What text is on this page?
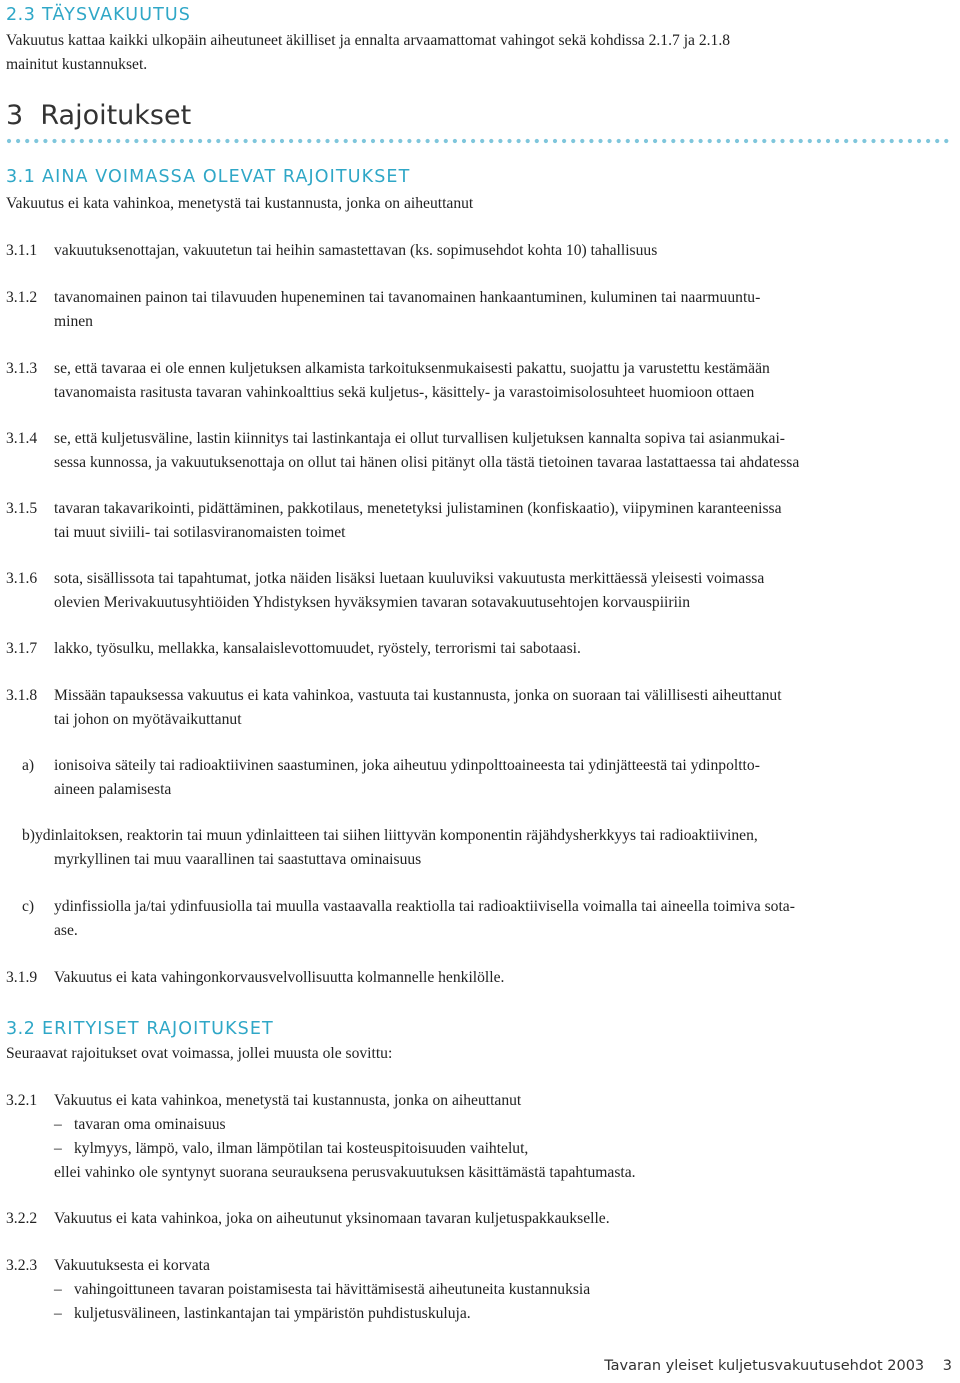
2.3 TÄYSVAKUUTUS
Vakuutus kattaa kaikki ulkopäin aiheutuneet äkilliset ja ennalta arvaamattomat vahingot sekä kohdissa 2.1.7 ja 2.1.8
mainitut kustannukset.
3 Rajoitukset
3.1 AINA VOIMASSA OLEVAT RAJOITUKSET
Vakuutus ei kata vahinkoa, menetystä tai kustannusta, jonka on aiheuttanut
3.1.1	vakuutuksenottajan, vakuutetun tai heihin samastettavan (ks. sopimusehdot kohta 10) tahallisuus
3.1.2	tavanomainen painon tai tilavuuden hupeneminen tai tavanomainen hankaantuminen, kuluminen tai naarmuuntu-
minen
3.1.3	se, että tavaraa ei ole ennen kuljetuksen alkamista tarkoituksenmukaisesti pakattu, suojattu ja varustettu kestämään
tavanomaista rasitusta tavaran vahinkoalttius sekä kuljetus-, käsittely- ja varastoimisolosuhteet huomioon ottaen
3.1.4	se, että kuljetusväline, lastin kiinnitys tai lastinkantaja ei ollut turvallisen kuljetuksen kannalta sopiva tai asianmukai-
sessa kunnossa, ja vakuutuksenottaja on ollut tai hänen olisi pitänyt olla tästä tietoinen tavaraa lastattaessa tai ahdatessa
3.1.5	tavaran takavarikointi, pidättäminen, pakkotilaus, menetetyksi julistaminen (konfiskaatio), viipyminen karanteenissa
tai muut siviili- tai sotilasviranomaisten toimet
3.1.6	sota, sisällissota tai tapahtumat, jotka näiden lisäksi luetaan kuuluviksi vakuutusta merkittäessä yleisesti voimassa
olevien Merivakuutusyhtiöiden Yhdistyksen hyväksymien tavaran sotavakuutusehtojen korvauspiiriin
3.1.7	lakko, työsulku, mellakka, kansalaislevottomuudet, ryöstely, terrorismi tai sabotaasi.
3.1.8	Missään tapauksessa vakuutus ei kata vahinkoa, vastuuta tai kustannusta, jonka on suoraan tai välillisesti aiheuttanut
tai johon on myötävaikuttanut
a) ionisoiva säteily tai radioaktiivinen saastuminen, joka aiheutuu ydinpolttoaineesta tai ydinjätteestä tai ydinpoltto-
aineen palamisesta
b)ydinlaitoksen, reaktorin tai muun ydinlaitteen tai siihen liittyvän komponentin räjähdysherkkyys tai radioaktiivinen,
myrkyllinen tai muu vaarallinen tai saastuttava ominaisuus
c) ydinfissiolla ja/tai ydinfuusiolla tai muulla vastaavalla reaktiolla tai radioaktiivisella voimalla tai aineella toimiva sota-
ase.
3.1.9	Vakuutus ei kata vahingonkorvausvelvollisuutta kolmannelle henkilölle.
3.2 ERITYISET RAJOITUKSET
Seuraavat rajoitukset ovat voimassa, jollei muusta ole sovittu:
3.2.1	Vakuutus ei kata vahinkoa, menetystä tai kustannusta, jonka on aiheuttanut
– tavaran oma ominaisuus
– kylmyys, lämpö, valo, ilman lämpötilan tai kosteuspitoisuuden vaihtelut,
ellei vahinko ole syntynyt suorana seurauksena perusvakuutuksen käsittämästä tapahtumasta.
3.2.2	Vakuutus ei kata vahinkoa, joka on aiheutunut yksinomaan tavaran kuljetuspakkaukselle.
3.2.3	Vakuutuksesta ei korvata
– vahingoittuneen tavaran poistamisesta tai hävittämisestä aiheutuneita kustannuksia
– kuljetusvälineen, lastinkantajan tai ympäristön puhdistuskuluja.
Tavaran yleiset kuljetusvakuutusehdot 2003 3
